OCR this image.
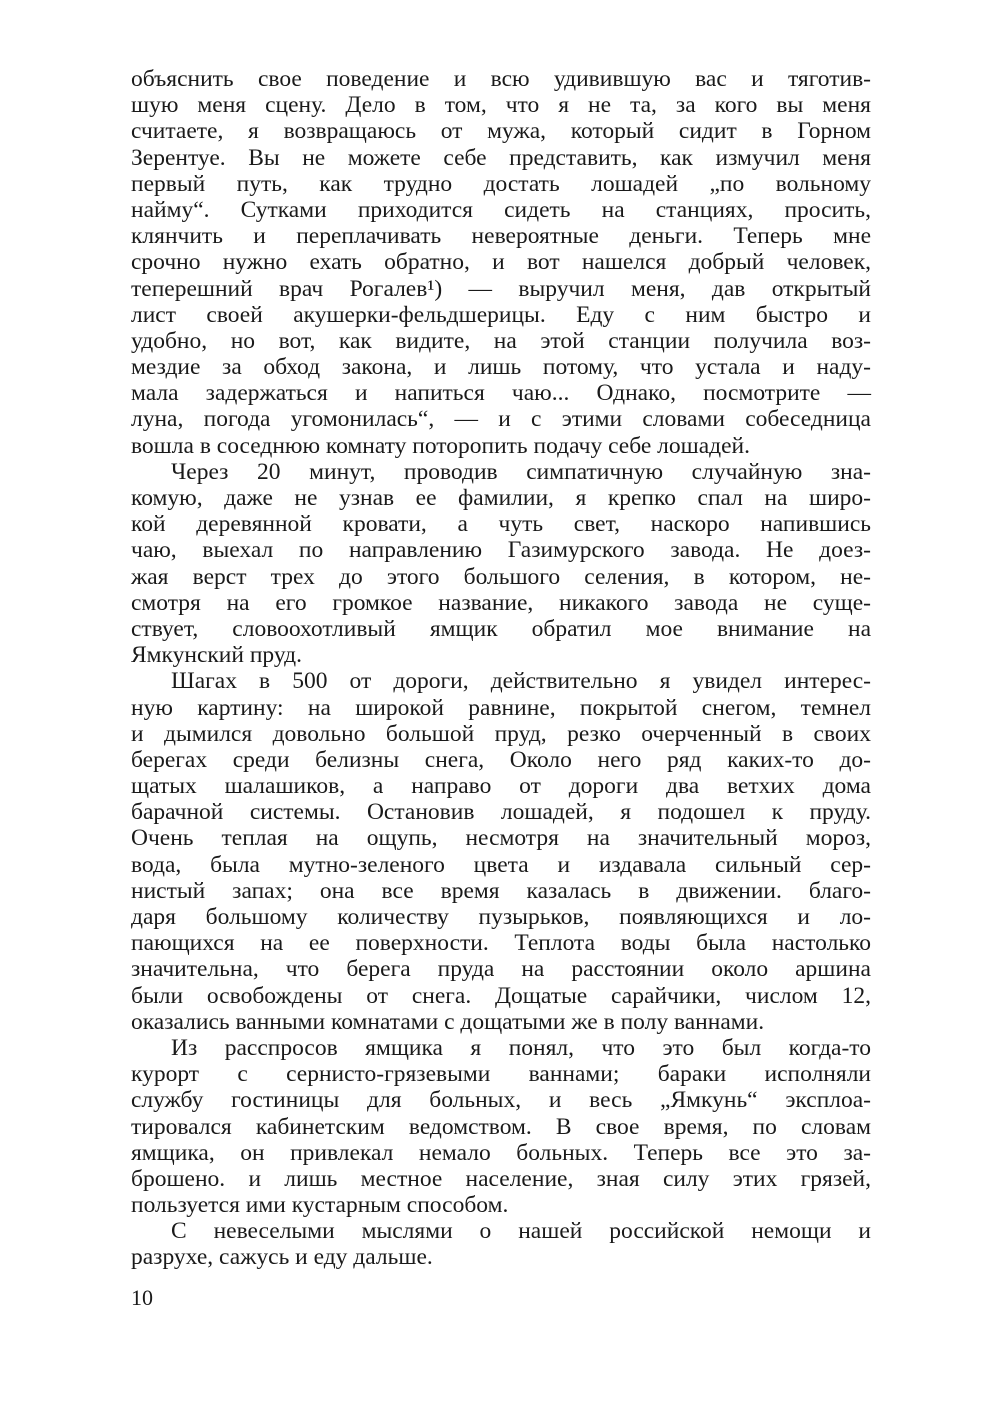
объяснить свое поведение и всю удивившую вас и тяготив-
шую меня сцену. Дело в том, что я не та, за кого вы меня
считаете, я возвращаюсь от мужа, который сидит в Горном
Зерентуе. Вы не можете себе представить, как измучил меня
первый путь, как трудно достать лошадей „по вольному
найму“. Сутками приходится сидеть на станциях, просить,
клянчить и переплачивать невероятные деньги. Теперь мне
срочно нужно ехать обратно, и вот нашелся добрый человек,
теперешний врач Рогалев¹) — выручил меня, дав открытый
лист своей акушерки-фельдшерицы. Еду с ним быстро и
удобно, но вот, как видите, на этой станции получила воз-
мездие за обход закона, и лишь потому, что устала и наду-
мала задержаться и напиться чаю... Однако, посмотрите —
луна, погода угомонилась“, — и с этими словами собеседница
вошла в соседнюю комнату поторопить подачу себе лошадей.
Через 20 минут, проводив симпатичную случайную зна-
комую, даже не узнав ее фамилии, я крепко спал на широ-
кой деревянной кровати, а чуть свет, наскоро напившись
чаю, выехал по направлению Газимурского завода. Не доез-
жая верст трех до этого большого селения, в котором, не-
смотря на его громкое название, никакого завода не суще-
ствует, словоохотливый ямщик обратил мое внимание на
Ямкунский пруд.
Шагах в 500 от дороги, действительно я увидел интерес-
ную картину: на широкой равнине, покрытой снегом, темнел
и дымился довольно большой пруд, резко очерченный в своих
берегах среди белизны снега, Около него ряд каких-то до-
щатых шалашиков, а направо от дороги два ветхих дома
барачной системы. Остановив лошадей, я подошел к пруду.
Очень теплая на ощупь, несмотря на значительный мороз,
вода, была мутно-зеленого цвета и издавала сильный сер-
нистый запах; она все время казалась в движении. благо-
даря большому количеству пузырьков, появляющихся и ло-
пающихся на ее поверхности. Теплота воды была настолько
значительна, что берега пруда на расстоянии около аршина
были освобождены от снега. Дощатые сарайчики, числом 12,
оказались ванными комнатами с дощатыми же в полу ваннами.
Из расспросов ямщика я понял, что это был когда-то
курорт с сернисто-грязевыми ваннами; бараки исполняли
службу гостиницы для больных, и весь „Ямкунь“ эксплоа-
тировался кабинетским ведомством. В свое время, по словам
ямщика, он привлекал немало больных. Теперь все это за-
брошено. и лишь местное население, зная силу этих грязей,
пользуется ими кустарным способом.
С невеселыми мыслями о нашей российской немощи и
разрухе, сажусь и еду дальше.
10
